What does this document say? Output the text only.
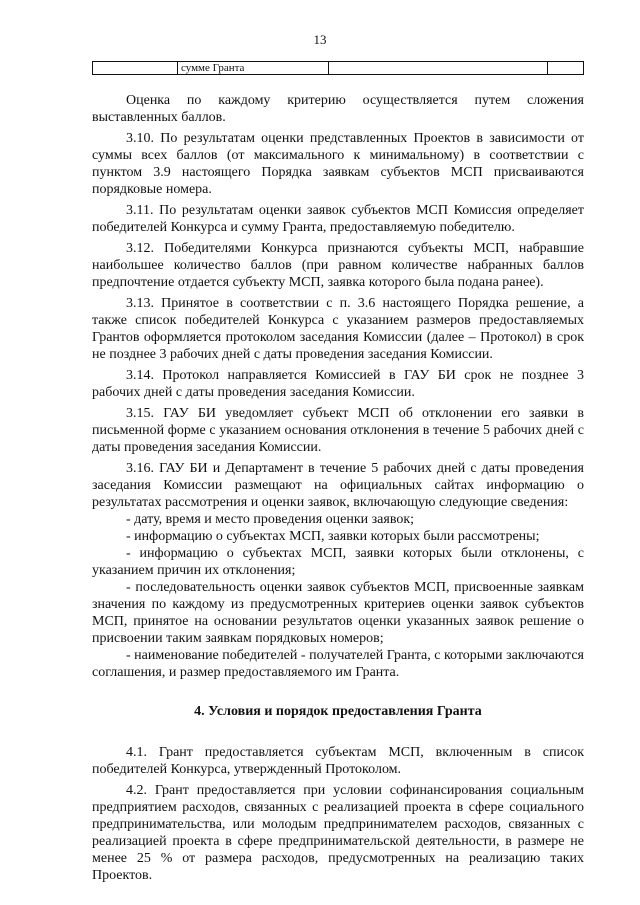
13
	сумме Гранта		

Оценка по каждому критерию осуществляется путем сложения выставленных баллов.

3.10. По результатам оценки представленных Проектов в зависимости от суммы всех баллов (от максимального к минимальному) в соответствии с пунктом 3.9 настоящего Порядка заявкам субъектов МСП присваиваются порядковые номера.

3.11. По результатам оценки заявок субъектов МСП Комиссия определяет победителей Конкурса и сумму Гранта, предоставляемую победителю.

3.12. Победителями Конкурса признаются субъекты МСП, набравшие наибольшее количество баллов (при равном количестве набранных баллов предпочтение отдается субъекту МСП, заявка которого была подана ранее).

3.13. Принятое в соответствии с п. 3.6 настоящего Порядка решение, а также список победителей Конкурса с указанием размеров предоставляемых Грантов оформляется протоколом заседания Комиссии (далее – Протокол) в срок не позднее 3 рабочих дней с даты проведения заседания Комиссии.

3.14. Протокол направляется Комиссией в ГАУ БИ срок не позднее 3 рабочих дней с даты проведения заседания Комиссии.

3.15. ГАУ БИ уведомляет субъект МСП об отклонении его заявки в письменной форме с указанием основания отклонения в течение 5 рабочих дней с даты проведения заседания Комиссии.

3.16. ГАУ БИ и Департамент в течение 5 рабочих дней с даты проведения заседания Комиссии размещают на официальных сайтах информацию о результатах рассмотрения и оценки заявок, включающую следующие сведения:

- дату, время и место проведения оценки заявок;

- информацию о субъектах МСП, заявки которых были рассмотрены;

- информацию о субъектах МСП, заявки которых были отклонены, с указанием причин их отклонения;

- последовательность оценки заявок субъектов МСП, присвоенные заявкам значения по каждому из предусмотренных критериев оценки заявок субъектов МСП, принятое на основании результатов оценки указанных заявок решение о присвоении таким заявкам порядковых номеров;

- наименование победителей - получателей Гранта, с которыми заключаются соглашения, и размер предоставляемого им Гранта.

4. Условия и порядок предоставления Гранта

4.1. Грант предоставляется субъектам МСП, включенным в список победителей Конкурса, утвержденный Протоколом.

4.2. Грант предоставляется при условии софинансирования социальным предприятием расходов, связанных с реализацией проекта в сфере социального предпринимательства, или молодым предпринимателем расходов, связанных с реализацией проекта в сфере предпринимательской деятельности, в размере не менее 25 % от размера расходов, предусмотренных на реализацию таких Проектов.
